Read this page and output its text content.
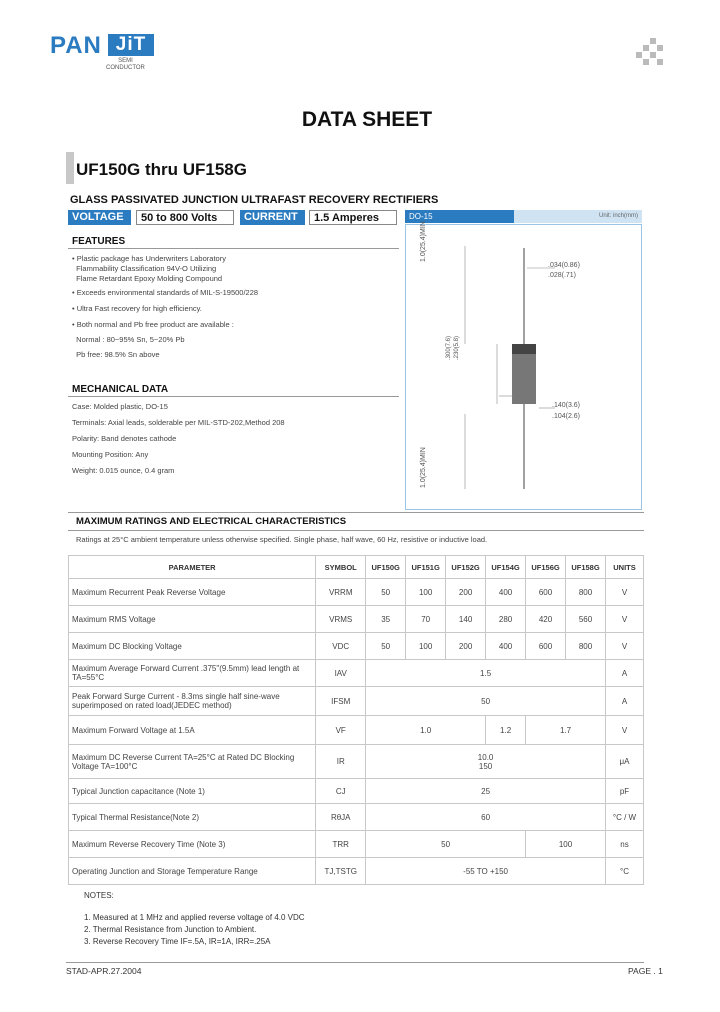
PAN JiT
SEMI
CONDUCTOR
DATA SHEET
UF150G thru UF158G
GLASS PASSIVATED JUNCTION ULTRAFAST RECOVERY RECTIFIERS
VOLTAGE	50 to 800 Volts	CURRENT	1.5 Amperes	DO-15	Unit: inch(mm)
.034(0.86)
.028(.71)
1.0(25.4)MIN
.300(7.6) .230(5.8)
.140(3.6)
.104(2.6)
1.0(25.4)MIN
FEATURES
• Plastic package has Underwriters Laboratory
Flammability Classification 94V-O Utilizing
Flame Retardant Epoxy Molding Compound
• Exceeds environmental standards of MIL-S-19500/228
• Ultra Fast recovery for high efficiency.
• Both normal and Pb free product are available :
Normal : 80~95% Sn, 5~20% Pb
Pb free: 98.5% Sn above
MECHANICAL DATA
Case: Molded plastic, DO-15
Terminals: Axial leads, solderable per MIL-STD-202,Method 208
Polarity: Band denotes cathode
Mounting Position: Any
Weight: 0.015 ounce, 0.4 gram
MAXIMUM RATINGS AND ELECTRICAL CHARACTERISTICS
Ratings at 25°C ambient temperature unless otherwise specified. Single phase, half wave, 60 Hz, resistive or inductive load.
PARAMETER	SYMBOL	UF150G	UF151G	UF152G	UF154G	UF156G	UF158G	UNITS
Maximum Recurrent Peak Reverse Voltage	VRRM	50	100	200	400	600	800	V
Maximum RMS Voltage	VRMS	35	70	140	280	420	560	V
Maximum DC Blocking Voltage	VDC	50	100	200	400	600	800	V
Maximum Average Forward Current .375"(9.5mm) lead length at TA=55°C	IAV	1.5						A
Peak Forward Surge Current - 8.3ms single half sine-wave superimposed on rated load(JEDEC method)	IFSM	50						A
Maximum Forward Voltage at 1.5A	VF	1.0			1.2	1.7		V
Maximum DC Reverse Current TA=25°C at Rated DC Blocking Voltage TA=100°C	IR	10.0
150						μA
Typical Junction capacitance (Note 1)	CJ	25						pF
Typical Thermal Resistance(Note 2)	RθJA	60						°C / W
Maximum Reverse Recovery Time (Note 3)	TRR	50				100		ns
Operating Junction and Storage Temperature Range	TJ,TSTG	-55 TO +150						°C
NOTES:
1. Measured at 1 MHz and applied reverse voltage of 4.0 VDC
2. Thermal Resistance from Junction to Ambient.
3. Reverse Recovery Time IF=.5A, IR=1A, IRR=.25A
STAD-APR.27.2004	PAGE . 1
